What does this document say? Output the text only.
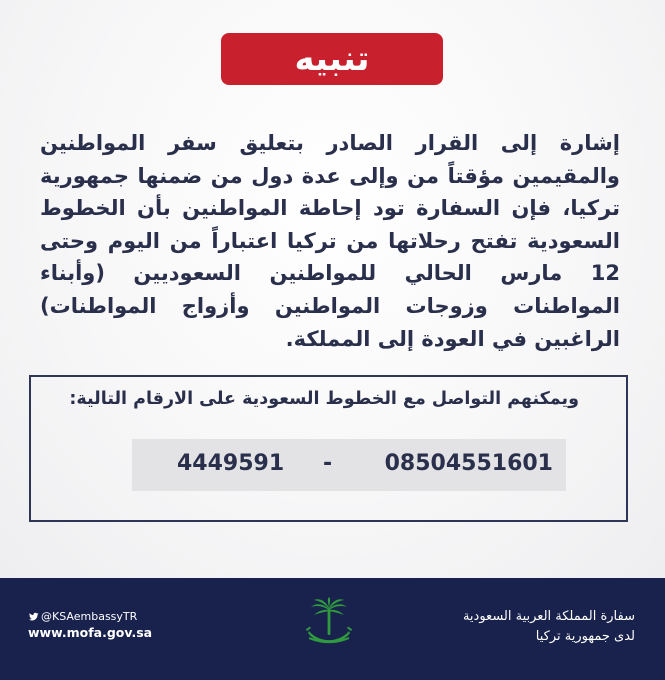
تنبيه
إشارة إلى القرار الصادر بتعليق سفر المواطنين والمقيمين مؤقتاً من وإلى عدة دول من ضمنها جمهورية تركيا، فإن السفارة تود إحاطة المواطنين بأن الخطوط السعودية تفتح رحلاتها من تركيا اعتباراً من اليوم وحتى 12 مارس الحالي للمواطنين السعوديين (وأبناء المواطنات وزوجات المواطنين وأزواج المواطنات) الراغبين في العودة إلى المملكة.
ويمكنهم التواصل مع الخطوط السعودية على الارقام التالية:
08504551601
-
4449591
@KSAembassyTR
www.mofa.gov.sa
سفارة المملكة العربية السعودية
لدى جمهورية تركيا
